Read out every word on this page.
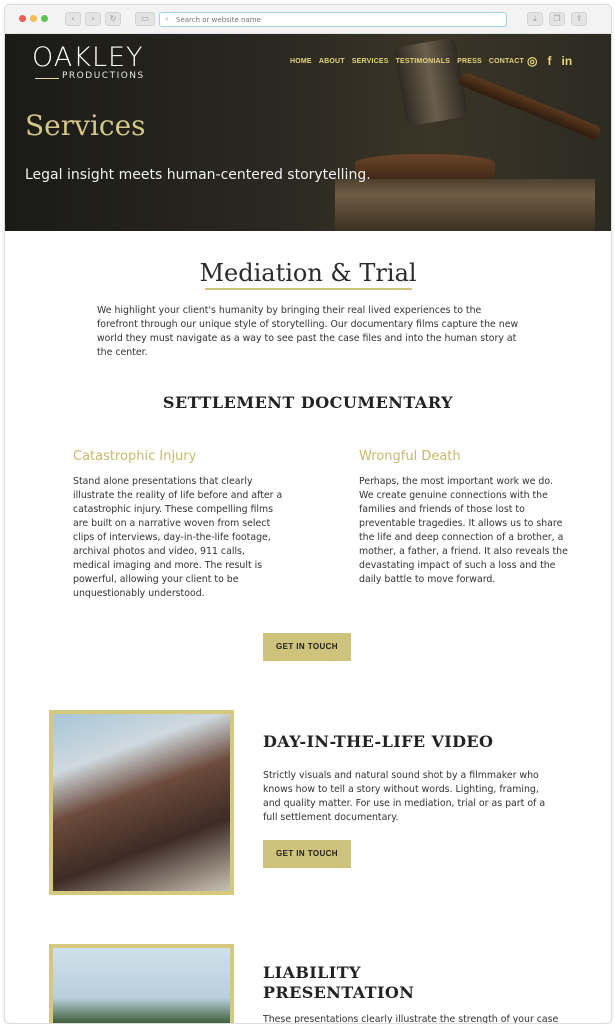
‹	›	↻	▭	⌕
Search or website name	⤓	❐	⇪
OAKLEY
PRODUCTIONS
HOME ABOUT SERVICES TESTIMONIALS PRESS CONTACT ◎ f in
Services
Legal insight meets human-centered storytelling.
Mediation & Trial

We highlight your client's humanity by bringing their real lived experiences to the forefront through our unique style of storytelling. Our documentary films capture the new world they must navigate as a way to see past the case files and into the human story at the center.

SETTLEMENT DOCUMENTARY
Catastrophic Injury

Stand alone presentations that clearly illustrate the reality of life before and after a catastrophic injury. These compelling films are built on a narrative woven from select clips of interviews, day-in-the-life footage, archival photos and video, 911 calls, medical imaging and more. The result is powerful, allowing your client to be unquestionably understood.

Wrongful Death

Perhaps, the most important work we do. We create genuine connections with the families and friends of those lost to preventable tragedies. It allows us to share the life and deep connection of a brother, a mother, a father, a friend. It also reveals the devastating impact of such a loss and the daily battle to move forward.

GET IN TOUCH
DAY-IN-THE-LIFE VIDEO
Strictly visuals and natural sound shot by a filmmaker who knows how to tell a story without words. Lighting, framing, and quality matter. For use in mediation, trial or as part of a full settlement documentary.
GET IN TOUCH
LIABILITY
PRESENTATION
These presentations clearly illustrate the strength of your case
